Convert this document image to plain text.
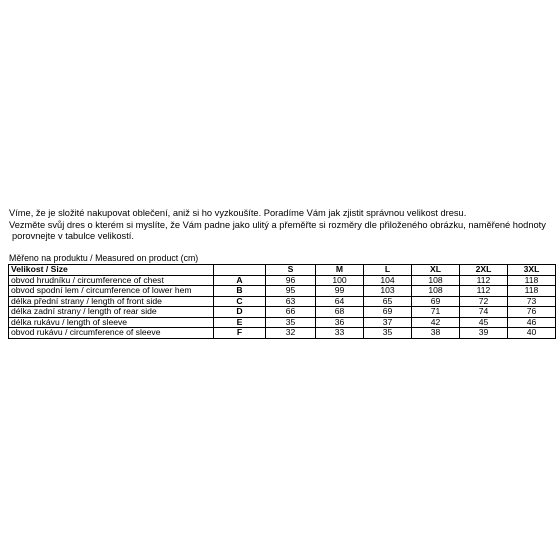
Víme, že je složité nakupovat oblečení, aniž si ho vyzkoušíte. Poradíme Vám jak zjistit správnou velikost dresu.
Vezměte svůj dres o kterém si myslíte, že Vám padne jako ulitý a přeměřte si rozměry dle přiloženého obrázku, naměřené hodnoty
porovnejte v tabulce velikostí.
Měřeno na produktu / Measured on product (cm)
Velikost / Size		S	M	L	XL	2XL	3XL
obvod hrudníku / circumference of chest	A	96	100	104	108	112	118
obvod spodní lem / circumference of lower hem	B	95	99	103	108	112	118
délka přední strany / length of front side	C	63	64	65	69	72	73
délka zadní strany / length of rear side	D	66	68	69	71	74	76
délka rukávu / length of sleeve	E	35	36	37	42	45	46
obvod rukávu / circumference of sleeve	F	32	33	35	38	39	40
